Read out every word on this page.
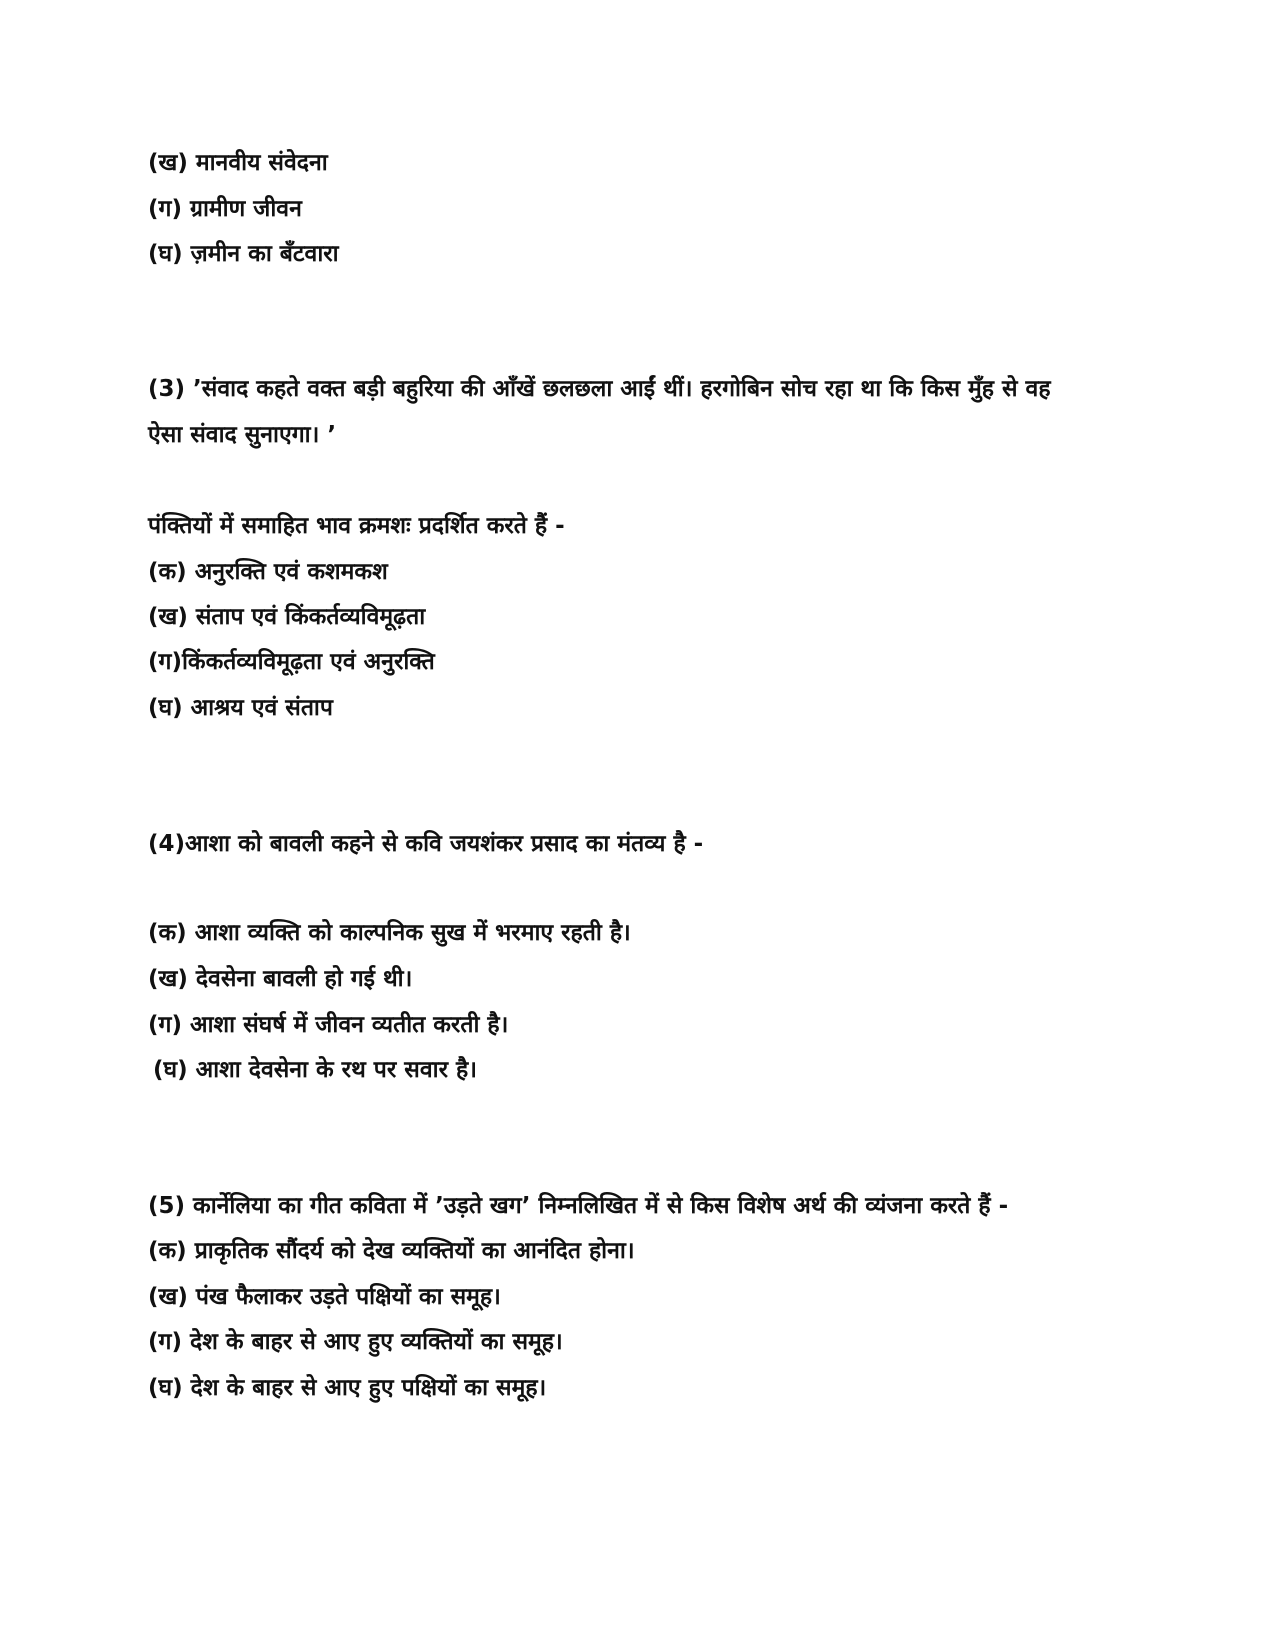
(ख) मानवीय संवेदना
(ग) ग्रामीण जीवन
(घ) ज़मीन का बँटवारा
(3) ’संवाद कहते वक्त बड़ी बहुरिया की आँखें छलछला आईं थीं। हरगोबिन सोच रहा था कि किस मुँह से वह
ऐसा संवाद सुनाएगा। ’
पंक्तियों में समाहित भाव क्रमशः प्रदर्शित करते हैं -
(क) अनुरक्ति एवं कशमकश
(ख) संताप एवं किंकर्तव्यविमूढ़ता
(ग)किंकर्तव्यविमूढ़ता एवं अनुरक्ति
(घ) आश्रय एवं संताप
(4)आशा को बावली कहने से कवि जयशंकर प्रसाद का मंतव्य है -
(क) आशा व्यक्ति को काल्पनिक सुख में भरमाए रहती है।
(ख) देवसेना बावली हो गई थी।
(ग) आशा संघर्ष में जीवन व्यतीत करती है।
(घ) आशा देवसेना के रथ पर सवार है।
(5) कार्नेलिया का गीत कविता में ’उड़ते खग’ निम्नलिखित में से किस विशेष अर्थ की व्यंजना करते हैं -
(क) प्राकृतिक सौंदर्य को देख व्यक्तियों का आनंदित होना।
(ख) पंख फैलाकर उड़ते पक्षियों का समूह।
(ग) देश के बाहर से आए हुए व्यक्तियों का समूह।
(घ) देश के बाहर से आए हुए पक्षियों का समूह।
